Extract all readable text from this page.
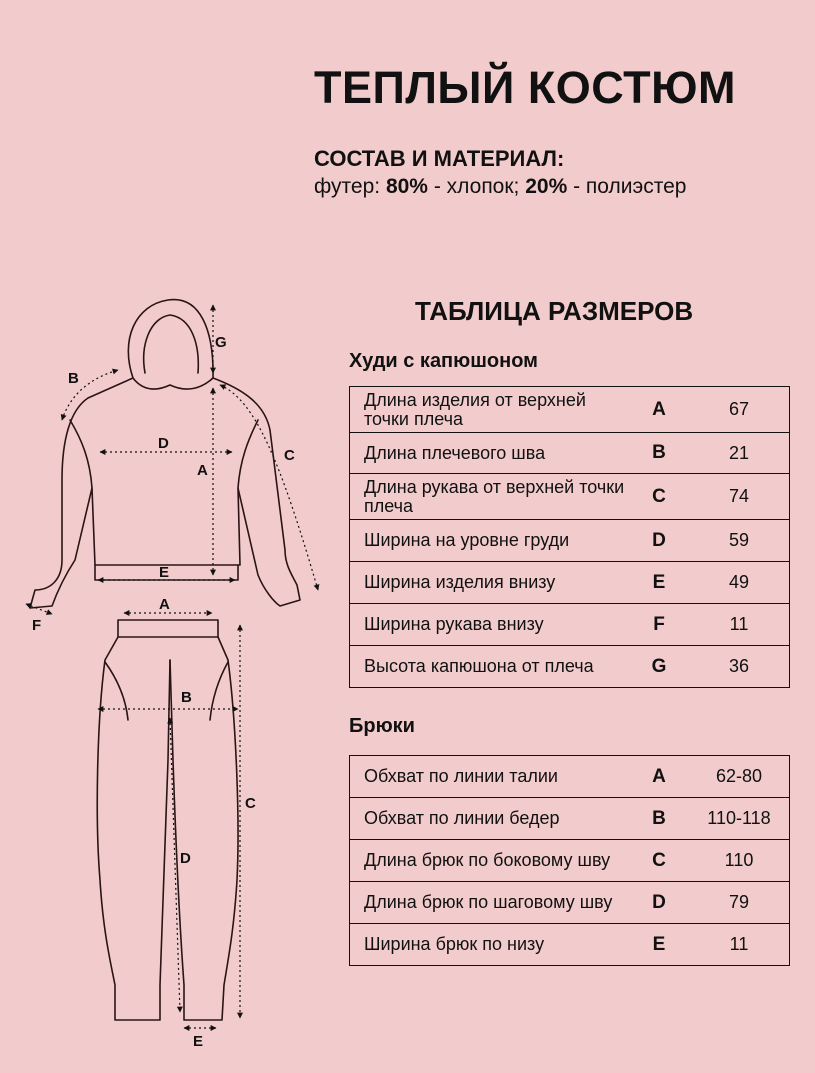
ТЕПЛЫЙ КОСТЮМ
СОСТАВ И МАТЕРИАЛ:
футер: 80% - хлопок; 20% - полиэстер
ТАБЛИЦА РАЗМЕРОВ
Худи с капюшоном
Длина изделия от верхней точки плеча	A	67
Длина плечевого шва	B	21
Длина рукава от верхней точки плеча	C	74
Ширина на уровне груди	D	59
Ширина изделия внизу	E	49
Ширина рукава внизу	F	11
Высота капюшона от плеча	G	36
Брюки
Обхват по линии талии	A	62-80
Обхват по линии бедер	B	110-118
Длина брюк по боковому шву	C	110
Длина брюк по шаговому шву	D	79
Ширина брюк по низу	E	11
G
B
C
D
A
E
F
A
B
C
D
E
